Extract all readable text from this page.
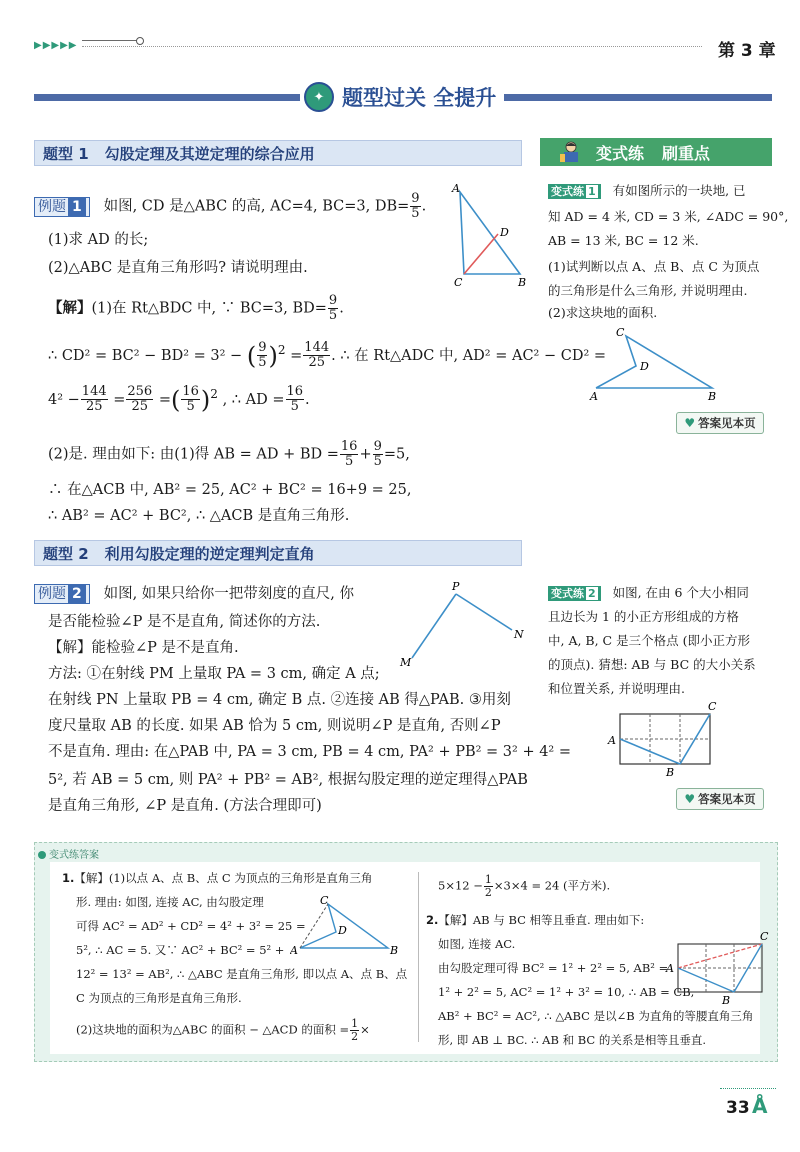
▶▶▶▶▶	第 3 章
✦ 题型过关 全提升
题型 1 勾股定理及其逆定理的综合应用	变式练 刷重点
例题 1 如图, CD 是△ABC 的高, AC=4, BC=3, $DB= \frac{9}{5}$ .
(1)求 AD 的长;
(2)△ABC 是直角三角形吗? 请说明理由.
【解】(1)在 Rt△BDC 中, ∵ BC=3, $BD= \frac{9}{5}$ .
∴ CD² = BC² − BD² = 3² − ( $\frac{9}{5} )^2 = \frac{144}{25}$ . ∴ 在 Rt△ADC 中, AD² = AC² − CD² =
$4^2 - \frac{144}{25} = \frac{256}{25}$ =( $\frac{16}{5} )^2$ , ∴ AD = $\frac{16}{5}$ .
(2)是. 理由如下: 由(1)得 AB = AD + BD = $\frac{16}{5} + \frac{9}{5} =5$,
∴ 在△ACB 中, AB² = 25, AC² + BC² = 16+9 = 25,
∴ AB² = AC² + BC², ∴ △ACB 是直角三角形.
A
D
C	B
题型 2 利用勾股定理的逆定理判定直角
例题 2 如图, 如果只给你一把带刻度的直尺, 你
是否能检验∠P 是不是直角, 简述你的方法.
【解】能检验∠P 是不是直角.
方法: ①在射线 PM 上量取 PA = 3 cm, 确定 A 点;
在射线 PN 上量取 PB = 4 cm, 确定 B 点. ②连接 AB 得△PAB. ③用刻
度尺量取 AB 的长度. 如果 AB 恰为 5 cm, 则说明∠P 是直角, 否则∠P
不是直角. 理由: 在△PAB 中, PA = 3 cm, PB = 4 cm, PA² + PB² = 3² + 4² =
5², 若 AB = 5 cm, 则 PA² + PB² = AB², 根据勾股定理的逆定理得△PAB
是直角三角形, ∠P 是直角. (方法合理即可)
P
M
N
变式练 1 有如图所示的一块地, 已
知 AD = 4 米, CD = 3 米, ∠ADC = 90°,
AB = 13 米, BC = 12 米.
(1)试判断以点 A、点 B、点 C 为顶点
的三角形是什么三角形, 并说明理由.
(2)求这块地的面积.
C
D
A	B
♥ 答案见本页
变式练 2 如图, 在由 6 个大小相同
且边长为 1 的小正方形组成的方格
中, A, B, C 是三个格点 (即小正方形
的顶点). 猜想: AB 与 BC 的大小关系
和位置关系, 并说明理由.
A
B
C
♥ 答案见本页
变式练答案
1.【解】(1)以点 A、点 B、点 C 为顶点的三角形是直角三角
形. 理由: 如图, 连接 AC, 由勾股定理
可得 AC² = AD² + CD² = 4² + 3² = 25 =
5², ∴ AC = 5. 又∵ AC² + BC² = 5² +
12² = 13² = AB², ∴ △ABC 是直角三角形, 即以点 A、点 B、点
C 为顶点的三角形是直角三角形.
(2)这块地的面积为△ABC 的面积 − △ACD 的面积 = $\frac{1}{2}$ ×
C
D
A	B
$5\times 12 - \frac{1}{2} \times 3\times 4 = 24$ (平方米).
2.【解】AB 与 BC 相等且垂直. 理由如下:
如图, 连接 AC.
由勾股定理可得 BC² = 1² + 2² = 5, AB² =
1² + 2² = 5, AC² = 1² + 3² = 10, ∴ AB = CB,
AB² + BC² = AC², ∴ △ABC 是以∠B 为直角的等腰直角三角
形, 即 AB ⊥ BC. ∴ AB 和 BC 的关系是相等且垂直.
A
B
C
33 Å
